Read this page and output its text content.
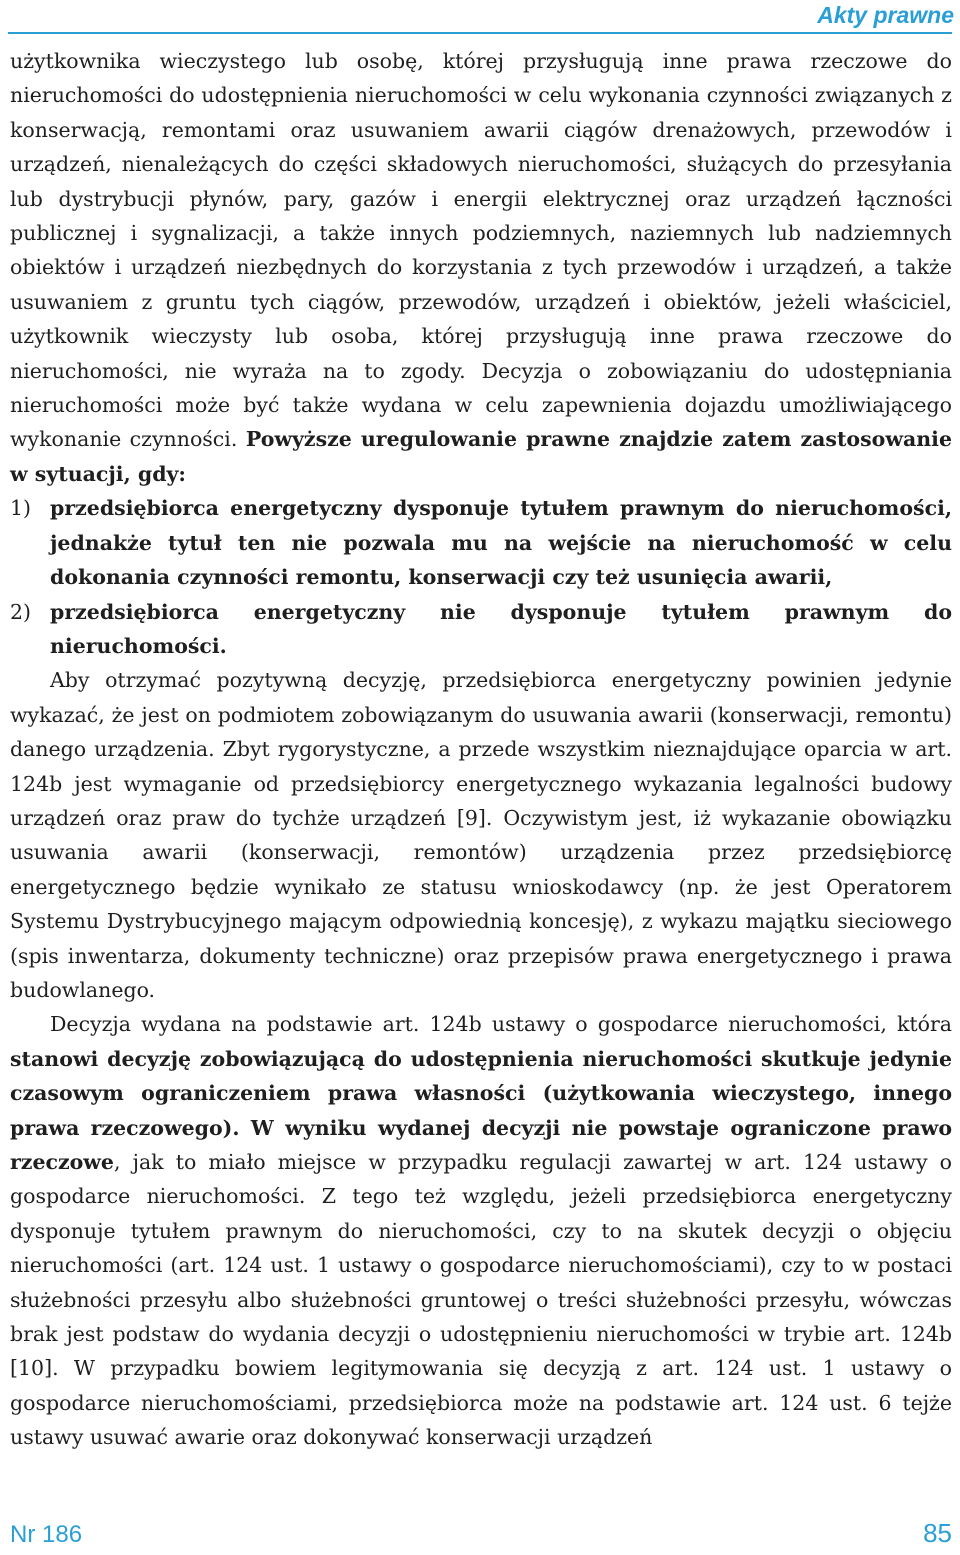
Akty prawne

użytkownika wieczystego lub osobę, której przysługują inne prawa rzeczowe do nieruchomości do udostępnienia nieruchomości w celu wykonania czynności związanych z konserwacją, remontami oraz usuwaniem awarii ciągów drenażowych, przewodów i urządzeń, nienależących do części składowych nieruchomości, służących do przesyłania lub dystrybucji płynów, pary, gazów i energii elektrycznej oraz urządzeń łączności publicznej i sygnalizacji, a także innych podziemnych, naziemnych lub nadziemnych obiektów i urządzeń niezbędnych do korzystania z tych przewodów i urządzeń, a także usuwaniem z gruntu tych ciągów, przewodów, urządzeń i obiektów, jeżeli właściciel, użytkownik wieczysty lub osoba, której przysługują inne prawa rzeczowe do nieruchomości, nie wyraża na to zgody. Decyzja o zobowiązaniu do udostępniania nieruchomości może być także wydana w celu zapewnienia dojazdu umożliwiającego wykonanie czynności. Powyższe uregulowanie prawne znajdzie zatem zastosowanie w sytuacji, gdy:

1) przedsiębiorca energetyczny dysponuje tytułem prawnym do nieruchomości, jednakże tytuł ten nie pozwala mu na wejście na nieruchomość w celu dokonania czynności remontu, konserwacji czy też usunięcia awarii,
2) przedsiębiorca energetyczny nie dysponuje tytułem prawnym do nieruchomości.

Aby otrzymać pozytywną decyzję, przedsiębiorca energetyczny powinien jedynie wykazać, że jest on podmiotem zobowiązanym do usuwania awarii (konserwacji, remontu) danego urządzenia. Zbyt rygorystyczne, a przede wszystkim nieznajdujące oparcia w art. 124b jest wymaganie od przedsiębiorcy energetycznego wykazania legalności budowy urządzeń oraz praw do tychże urządzeń [9]. Oczywistym jest, iż wykazanie obowiązku usuwania awarii (konserwacji, remontów) urządzenia przez przedsiębiorcę energetycznego będzie wynikało ze statusu wnioskodawcy (np. że jest Operatorem Systemu Dystrybucyjnego mającym odpowiednią koncesję), z wykazu majątku sieciowego (spis inwentarza, dokumenty techniczne) oraz przepisów prawa energetycznego i prawa budowlanego.

Decyzja wydana na podstawie art. 124b ustawy o gospodarce nieruchomości, która stanowi decyzję zobowiązującą do udostępnienia nieruchomości skutkuje jedynie czasowym ograniczeniem prawa własności (użytkowania wieczystego, innego prawa rzeczowego). W wyniku wydanej decyzji nie powstaje ograniczone prawo rzeczowe, jak to miało miejsce w przypadku regulacji zawartej w art. 124 ustawy o gospodarce nieruchomości. Z tego też względu, jeżeli przedsiębiorca energetyczny dysponuje tytułem prawnym do nieruchomości, czy to na skutek decyzji o objęciu nieruchomości (art. 124 ust. 1 ustawy o gospodarce nieruchomościami), czy to w postaci służebności przesyłu albo służebności gruntowej o treści służebności przesyłu, wówczas brak jest podstaw do wydania decyzji o udostępnieniu nieruchomości w trybie art. 124b [10]. W przypadku bowiem legitymowania się decyzją z art. 124 ust. 1 ustawy o gospodarce nieruchomościami, przedsiębiorca może na podstawie art. 124 ust. 6 tejże ustawy usuwać awarie oraz dokonywać konserwacji urządzeń

Nr 186	85
